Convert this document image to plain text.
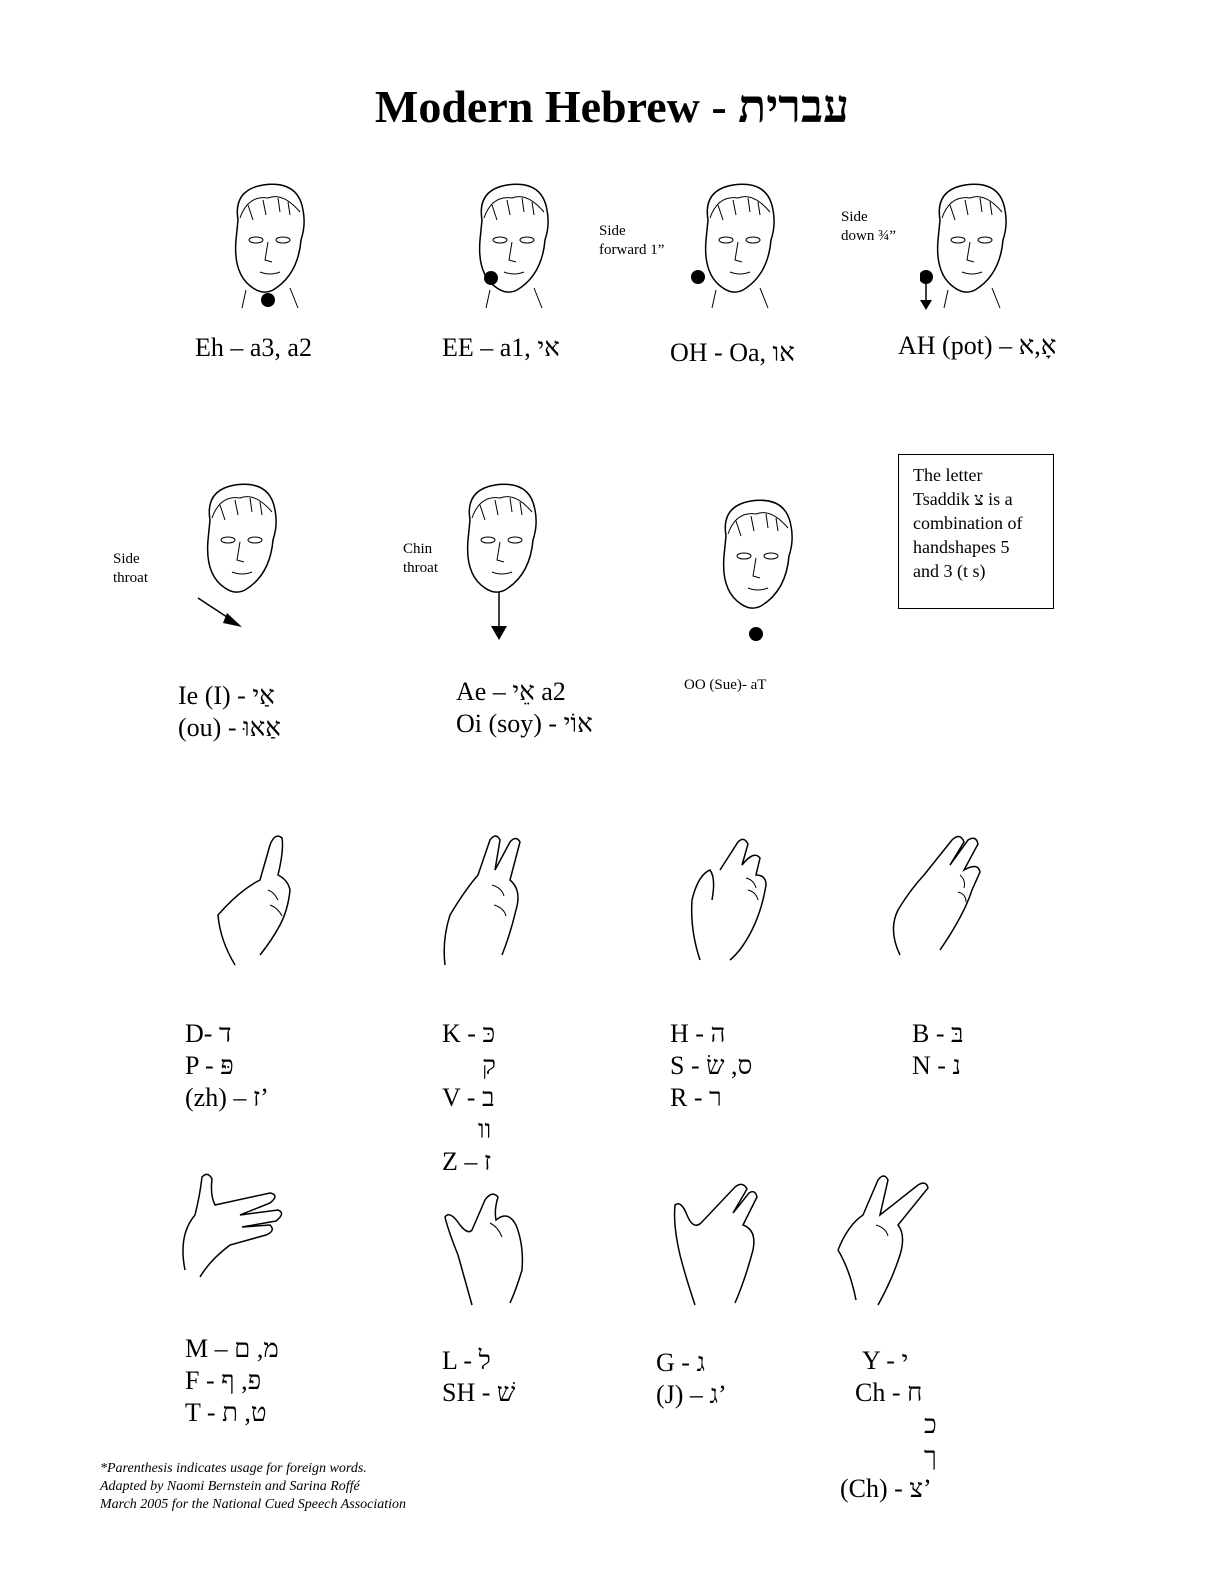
Modern Hebrew - עברית
Side
forward 1”
Side
down ¾”
Eh – a3, a2	EE – a1, אי	OH - Oa, או	AH (pot) – אָ,א
Side
throat
Chin
throat
Ie (I) - אַי
(ou) - אַאוּ
Ae – אֵי a2
Oi (soy) - אוֹי
OO (Sue)- aT
The letter
Tsaddik צ is a
combination of
handshapes 5
and 3 (t s)
D- ד
P - פּ
(zh) – ז’
K - כּ
ק
V - ב
וו
Z – ז
H - ה
S - ס, שׂ
R - ר
B - בּ
N - נ
M – מ, ם
F - פ, ף
T - ט, ת
L - ל
SH - שׁ
G - ג
(J) – ג’
Y - י
Ch - ח
כ
ך
(Ch) - צ’
*Parenthesis indicates usage for foreign words.
Adapted by Naomi Bernstein and Sarina Roffé
March 2005 for the National Cued Speech Association
